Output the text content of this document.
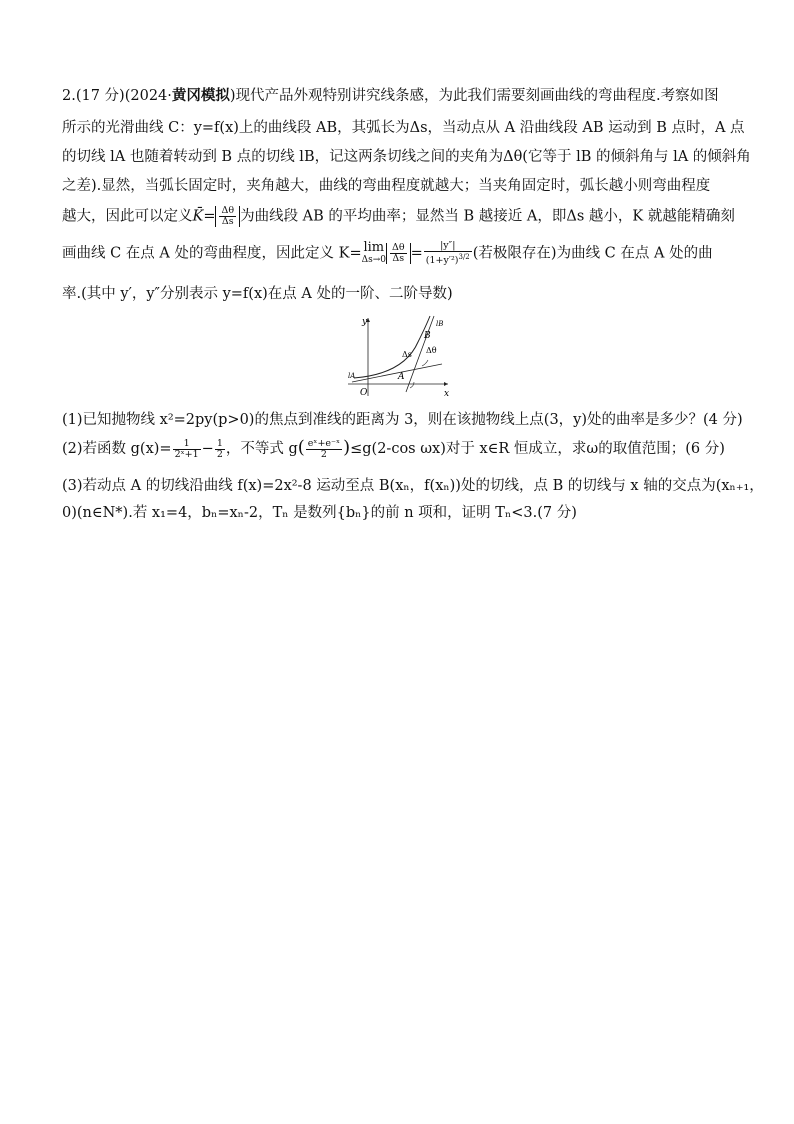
2.(17 分)(2024·黄冈模拟)现代产品外观特别讲究线条感，为此我们需要刻画曲线的弯曲程度.考察如图
所示的光滑曲线 C：y=f(x)上的曲线段 AB，其弧长为Δs，当动点从 A 沿曲线段 AB 运动到 B 点时，A 点
的切线 lA 也随着转动到 B 点的切线 lB，记这两条切线之间的夹角为Δθ(它等于 lB 的倾斜角与 lA 的倾斜角
之差).显然，当弧长固定时，夹角越大，曲线的弯曲程度就越大；当夹角固定时，弧长越小则弯曲程度
越大，因此可以定义K̄= $\frac{\Delta\theta}{\Delta s}$ 为曲线段 AB 的平均曲率；显然当 B 越接近 A，即Δs 越小，K 就越能精确刻
画曲线 C 在点 A 处的弯曲程度，因此定义 K= lim
$\Delta s\to 0 \frac{\Delta\theta}{\Delta s} = \frac{|y''|}{(1+y'^2)^{3/2}}$ (若极限存在)为曲线 C 在点 A 处的曲
率.(其中 y′，y″分别表示 y=f(x)在点 A 处的一阶、二阶导数)
y
x
O
A
B
lA
lB
Δs Δθ
(1)已知抛物线 x²=2py(p>0)的焦点到准线的距离为 3，则在该抛物线上点(3，y)处的曲率是多少？(4 分)
(2)若函数 $g(x)= \frac{1}{\text{2ˣ+1}} - \frac{1}{2}$ ，不等式 $g( \frac{\text{eˣ+e⁻ˣ}}{2} )\le g(2-\cos$ ωx)对于 x∈R 恒成立，求ω的取值范围；(6 分)
(3)若动点 A 的切线沿曲线 f(x)=2x²-8 运动至点 B(xₙ，f(xₙ))处的切线，点 B 的切线与 x 轴的交点为(xₙ₊₁，
0)(n∈N*).若 x₁=4，bₙ=xₙ-2，Tₙ 是数列{bₙ}的前 n 项和，证明 Tₙ<3.(7 分)
